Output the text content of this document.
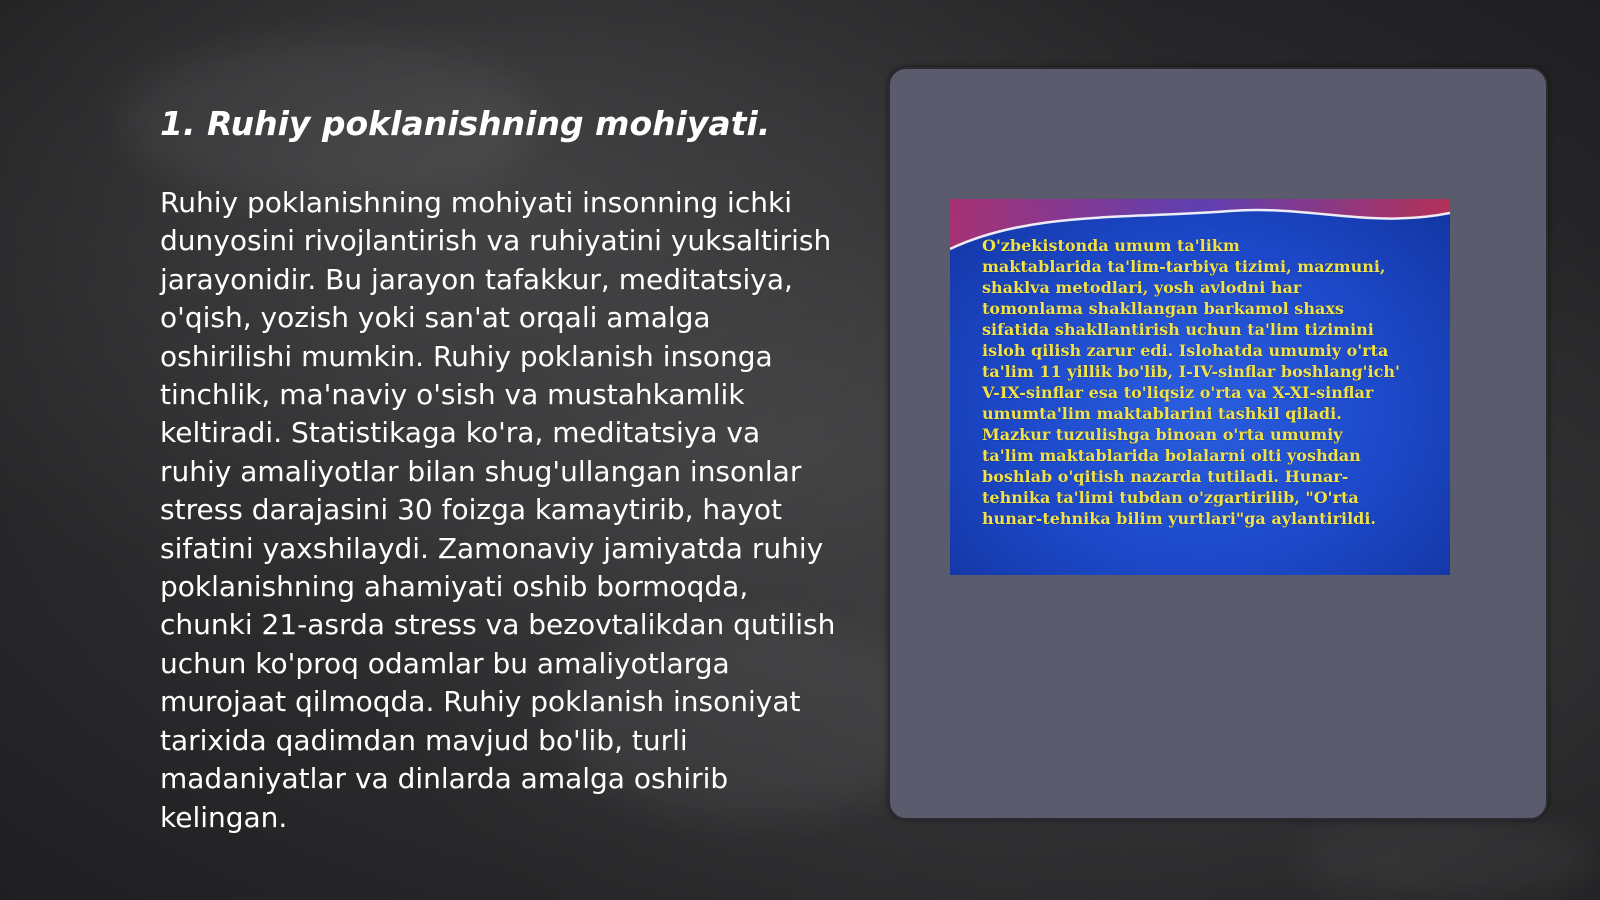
1. Ruhiy poklanishning mohiyati.

Ruhiy poklanishning mohiyati insonning ichki dunyosini rivojlantirish va ruhiyatini yuksaltirish jarayonidir. Bu jarayon tafakkur, meditatsiya, o'qish, yozish yoki san'at orqali amalga oshirilishi mumkin. Ruhiy poklanish insonga tinchlik, ma'naviy o'sish va mustahkamlik keltiradi. Statistikaga ko'ra, meditatsiya va ruhiy amaliyotlar bilan shug'ullangan insonlar stress darajasini 30 foizga kamaytirib, hayot sifatini yaxshilaydi. Zamonaviy jamiyatda ruhiy poklanishning ahamiyati oshib bormoqda, chunki 21-asrda stress va bezovtalikdan qutilish uchun ko'proq odamlar bu amaliyotlarga murojaat qilmoqda. Ruhiy poklanish insoniyat tarixida qadimdan mavjud bo'lib, turli madaniyatlar va dinlarda amalga oshirib kelingan.

O'zbekistonda umum ta'likm
maktablarida ta'lim-tarbiya tizimi, mazmuni,
shaklva metodlari, yosh avlodni har
tomonlama shakllangan barkamol shaxs
sifatida shakllantirish uchun ta'lim tizimini
isloh qilish zarur edi. Islohatda umumiy o'rta
ta'lim 11 yillik bo'lib, I-IV-sinflar boshlang'ich'
V-IX-sinflar esa to'liqsiz o'rta va X-XI-sinflar
umumta'lim maktablarini tashkil qiladi.
Mazkur tuzulishga binoan o'rta umumiy
ta'lim maktablarida bolalarni olti yoshdan
boshlab o'qitish nazarda tutiladi. Hunar-
tehnika ta'limi tubdan o'zgartirilib, "O'rta
hunar-tehnika bilim yurtlari"ga aylantirildi.
